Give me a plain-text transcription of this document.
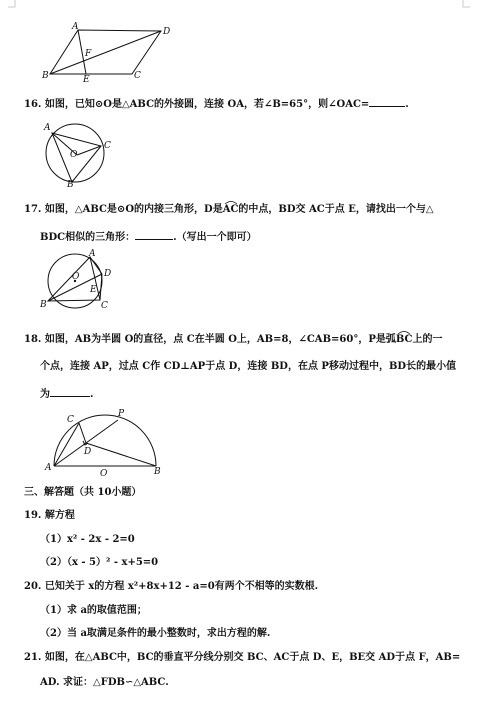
A	D
F
B	E	C
16. 如图，已知⊙O是△ABC的外接圆，连接 OA，若∠B=65°，则∠OAC=	.
A
C
O
B
17. 如图，△ABC是⊙O的内接三角形，D是
AC的中点，BD交 AC于点 E，请找出一个与△
BDC相似的三角形：	.（写出一个即可）
A
D
O
E
B	C
18. 如图，AB为半圆 O的直径，点 C在半圆 O上，AB=8，∠CAB=60°，P是弧
BC上的一
个点，连接 AP，过点 C作 CD⊥AP于点 D，连接 BD，在点 P移动过程中，BD长的最小值
为	.
C
P
D
A
O	B
三、解答题（共 10小题）
19. 解方程
（1）x² - 2x - 2=0
（2）（x - 5）² - x+5=0
20. 已知关于 x的方程 x²+8x+12 - a=0有两个不相等的实数根.
（1）求 a的取值范围；
（2）当 a取满足条件的最小整数时，求出方程的解.
21. 如图，在△ABC中，BC的垂直平分线分别交 BC、AC于点 D、E，BE交 AD于点 F，AB=
AD. 求证：△FDB∽△ABC.
